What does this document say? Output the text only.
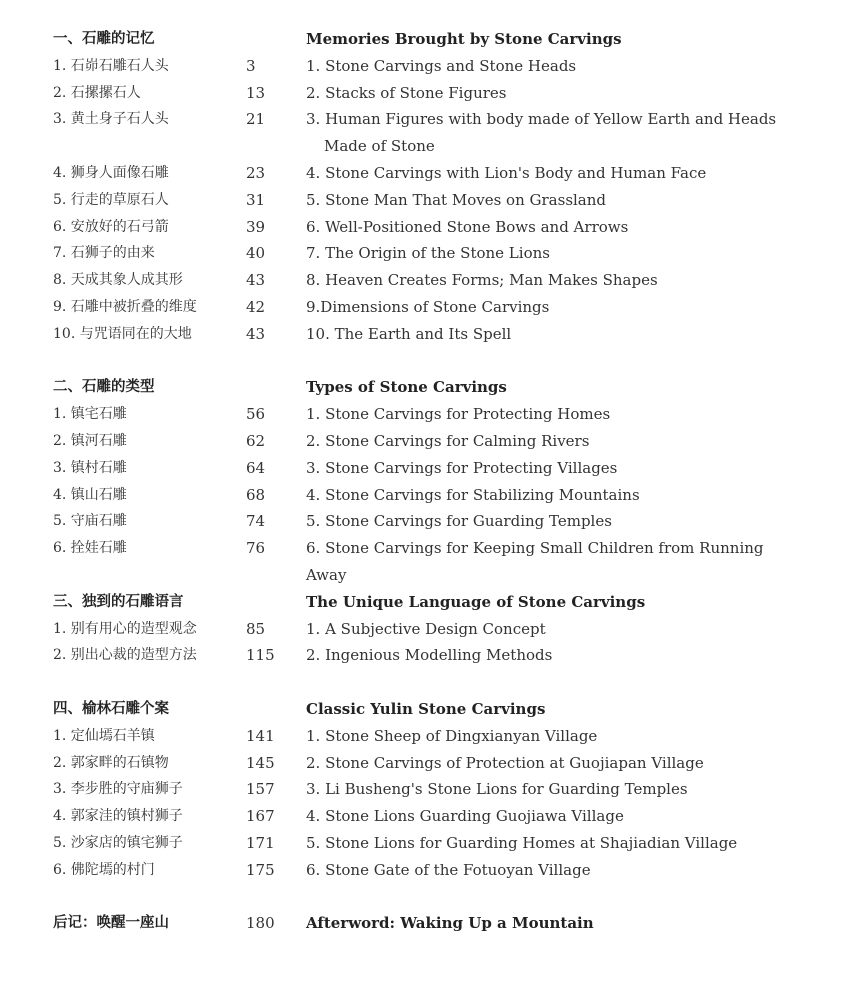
一、石雕的记忆	Memories Brought by Stone Carvings
1. 石峁石雕石人头	3	1. Stone Carvings and Stone Heads
2. 石摞摞石人	13	2. Stacks of Stone Figures
3. 黄土身子石人头	21	3. Human Figures with body made of Yellow Earth and Heads
Made of Stone
4. 狮身人面像石雕	23	4. Stone Carvings with Lion's Body and Human Face
5. 行走的草原石人	31	5. Stone Man That Moves on Grassland
6. 安放好的石弓箭	39	6. Well-Positioned Stone Bows and Arrows
7. 石狮子的由来	40	7. The Origin of the Stone Lions
8. 天成其象人成其形	43	8. Heaven Creates Forms; Man Makes Shapes
9. 石雕中被折叠的维度	42	9.Dimensions of Stone Carvings
10. 与咒语同在的大地	43	10. The Earth and Its Spell
二、石雕的类型	Types of Stone Carvings
1. 镇宅石雕	56	1. Stone Carvings for Protecting Homes
2. 镇河石雕	62	2. Stone Carvings for Calming Rivers
3. 镇村石雕	64	3. Stone Carvings for Protecting Villages
4. 镇山石雕	68	4. Stone Carvings for Stabilizing Mountains
5. 守庙石雕	74	5. Stone Carvings for Guarding Temples
6. 拴娃石雕	76	6. Stone Carvings for Keeping Small Children from Running Away
三、独到的石雕语言	The Unique Language of Stone Carvings
1. 别有用心的造型观念	85	1. A Subjective Design Concept
2. 别出心裁的造型方法	115 2. Ingenious Modelling Methods
四、榆林石雕个案	Classic Yulin Stone Carvings
1. 定仙墕石羊镇	141 1. Stone Sheep of Dingxianyan Village
2. 郭家畔的石镇物	145 2. Stone Carvings of Protection at Guojiapan Village
3. 李步胜的守庙狮子	157 3. Li Busheng's Stone Lions for Guarding Temples
4. 郭家洼的镇村狮子	167 4. Stone Lions Guarding Guojiawa Village
5. 沙家店的镇宅狮子	171 5. Stone Lions for Guarding Homes at Shajiadian Village
6. 佛陀墕的村门	175 6. Stone Gate of the Fotuoyan Village
后记：唤醒一座山	180 Afterword: Waking Up a Mountain
